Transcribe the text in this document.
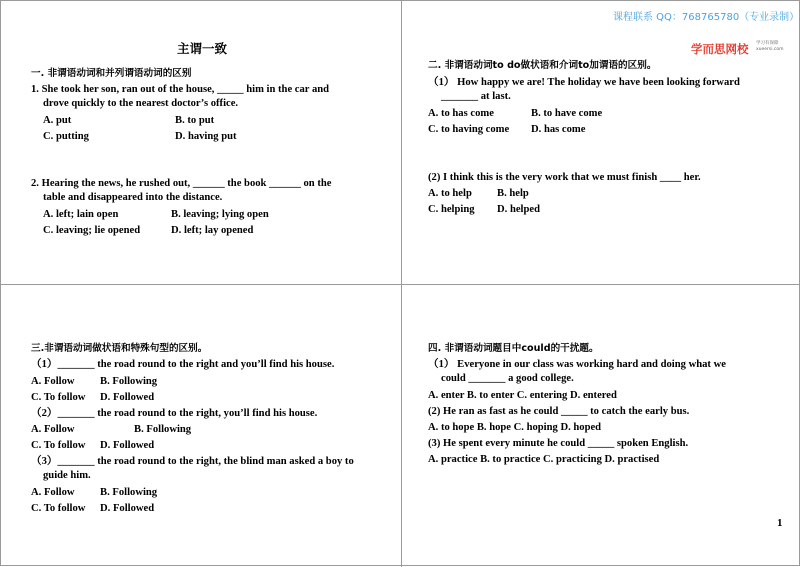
课程联系 QQ：768765780（专业录制）
学而思网校 学习有保障
xueersi.com
主谓一致
一. 非谓语动词和并列谓语动词的区别
1. She took her son, ran out of the house, _____ him in the car and
drove quickly to the nearest doctor’s office.
A. put	B. to put
C. putting	D. having put
2. Hearing the news, he rushed out, ______ the book ______ on the
table and disappeared into the distance.
A. left; lain open	B. leaving; lying open
C. leaving; lie opened	D. left; lay opened
二. 非谓语动词to do做状语和介词to加谓语的区别。
（1） How happy we are! The holiday we have been looking forward
_______ at last.
A. to has come	B. to have come
C. to having come D. has come
(2) I think this is the very work that we must finish ____ her.
A. to help B. help
C. helping D. helped
三.非谓语动词做状语和特殊句型的区别。
（1）_______ the road round to the right and you’ll find his house.
A. Follow B. Following
C. To follow D. Followed
（2）_______ the road round to the right, you’ll find his house.
A. Follow	B. Following
C. To follow D. Followed
（3）_______ the road round to the right, the blind man asked a boy to
guide him.
A. Follow B. Following
C. To follow D. Followed
四. 非谓语动词题目中could的干扰题。
（1） Everyone in our class was working hard and doing what we
could _______ a good college.
A. enter B. to enter C. entering D. entered
(2) He ran as fast as he could _____ to catch the early bus.
A. to hope B. hope C. hoping D. hoped
(3) He spent every minute he could _____ spoken English.
A. practice B. to practice C. practicing D. practised
1
